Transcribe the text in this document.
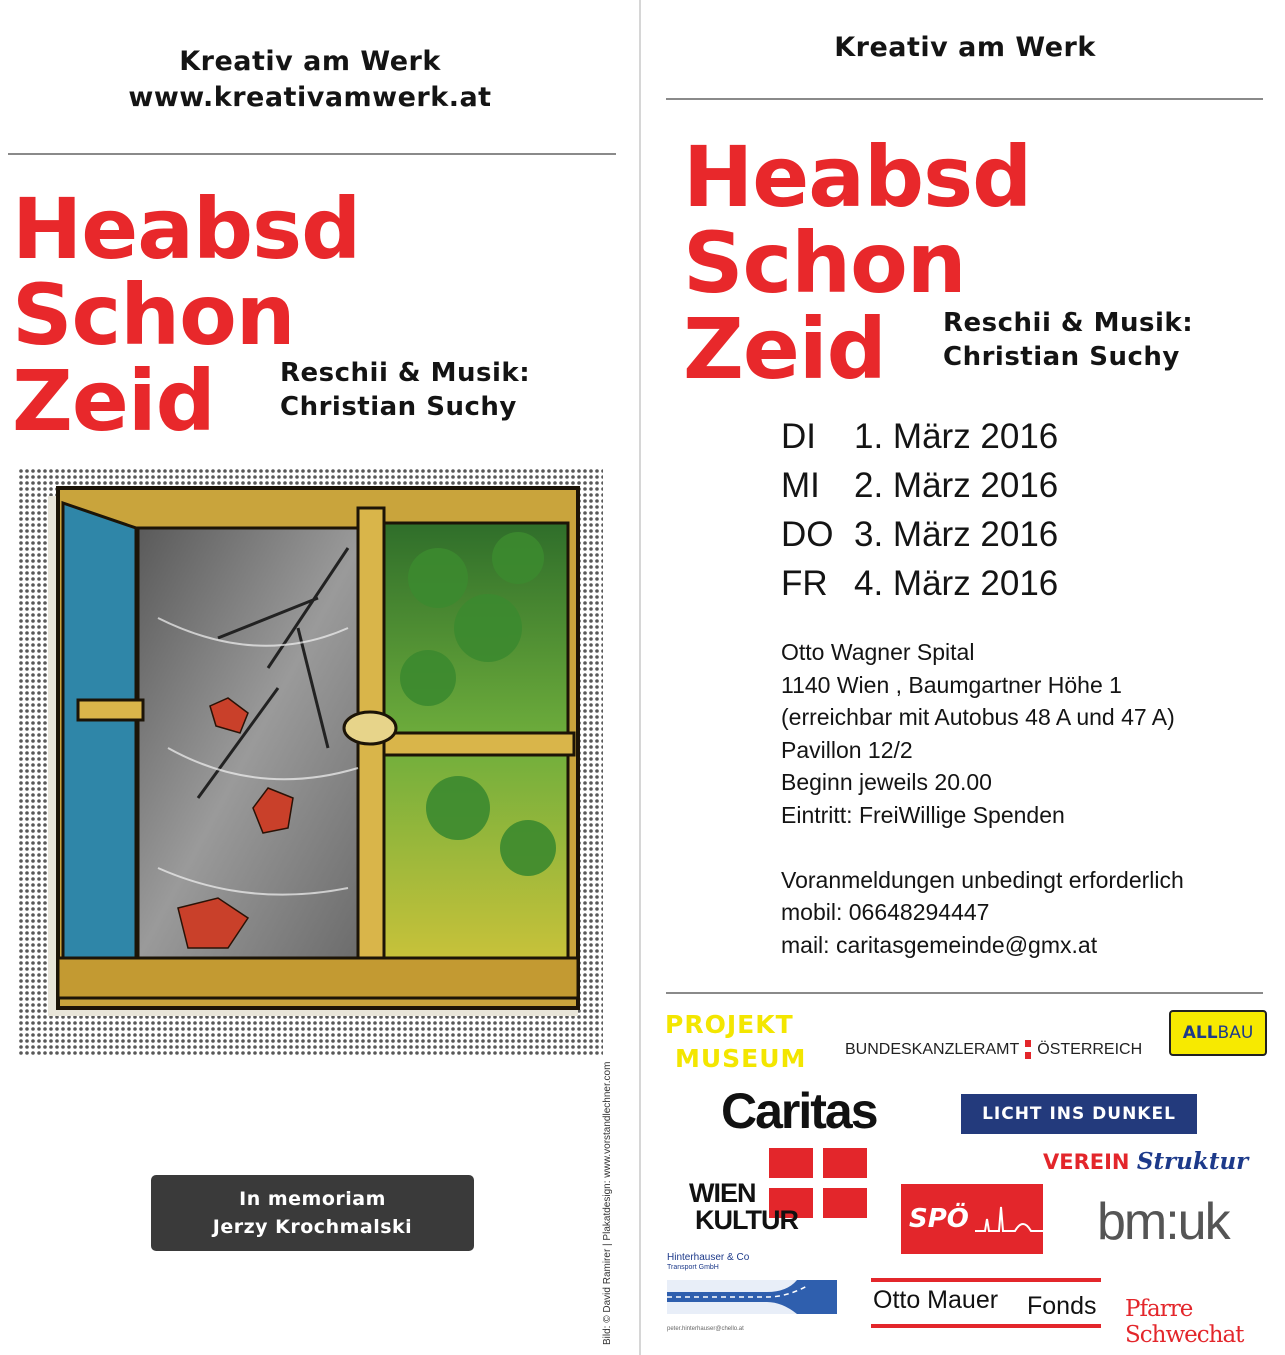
Kreativ am Werk
www.kreativamwerk.at
Heabsd
Schon
Zeid	Reschii & Musik:
Christian Suchy
In memoriam
Jerzy Krochmalski	Bild: © David Ramirer | Plakatdesign: www.vorstandlechner.com
Kreativ am Werk
Heabsd
Schon
Zeid Reschii & Musik:
Christian Suchy
DI	1. März 2016
MI 2. März 2016
DO 3. März 2016
FR 4. März 2016
Otto Wagner Spital
1140 Wien , Baumgartner Höhe 1
(erreichbar mit Autobus 48 A und 47 A)
Pavillon 12/2
Beginn jeweils 20.00
Eintritt: FreiWillige Spenden
Voranmeldungen unbedingt erforderlich
mobil: 06648294447
mail: caritasgemeinde@gmx.at
PROJEKT
MUSEUM	BUNDESKANZLERAMT ÖSTERREICH
ALL BAU
Caritas	LICHT INS DUNKEL
VEREIN Struktur
WIEN
KULTUR	SPÖ bm:uk
Hinterhauser & Co
Transport GmbH
peter.hinterhauser@chello.at
Otto Mauer Fonds Pfarre Schwechat
